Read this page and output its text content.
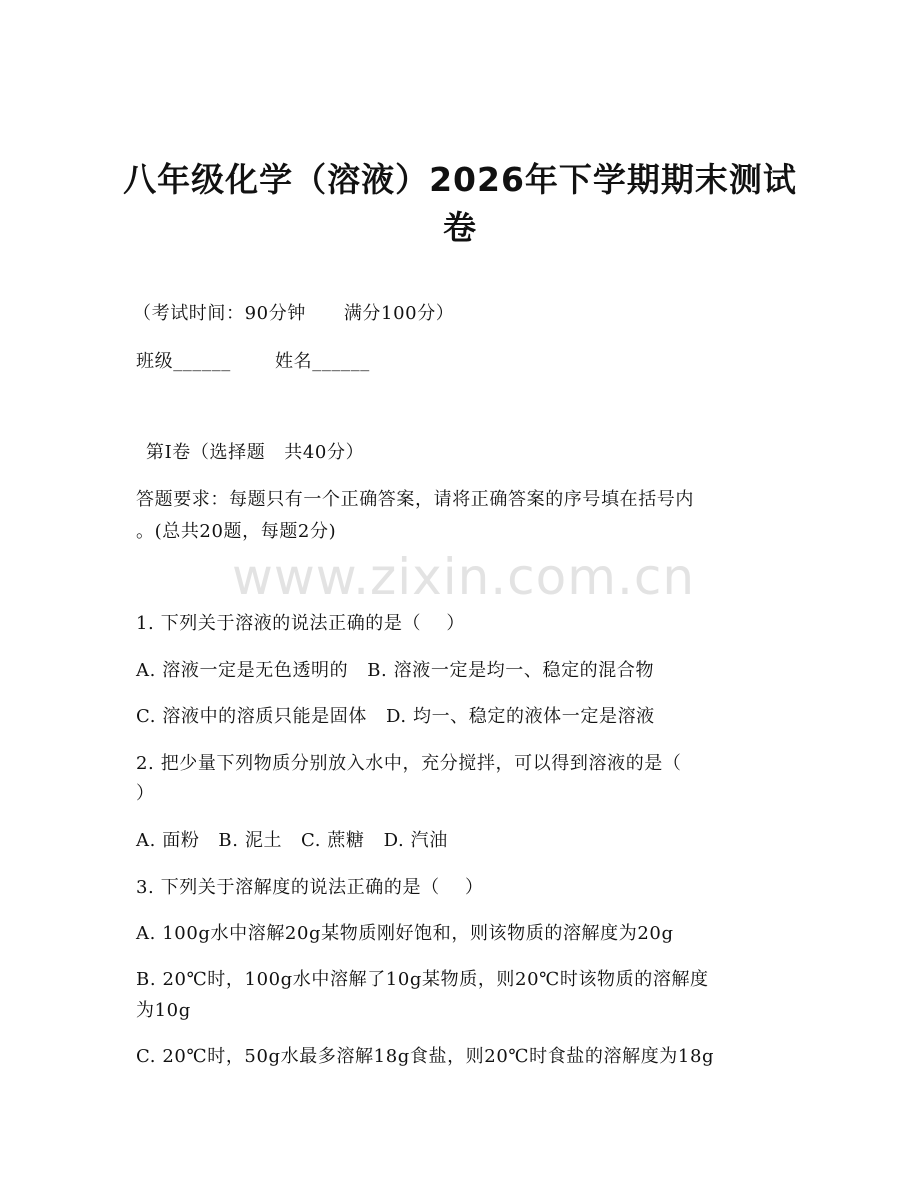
八年级化学（溶液）2026年下学期期末测试
卷
（考试时间：90分钟      满分100分）
班级______       姓名______
第Ⅰ卷（选择题   共40分）
答题要求：每题只有一个正确答案，请将正确答案的序号填在括号内
。(总共20题，每题2分)
www.zixin.com.cn
1. 下列关于溶液的说法正确的是（    ）
A. 溶液一定是无色透明的   B. 溶液一定是均一、稳定的混合物
C. 溶液中的溶质只能是固体   D. 均一、稳定的液体一定是溶液
2. 把少量下列物质分别放入水中，充分搅拌，可以得到溶液的是（
）
A. 面粉   B. 泥土   C. 蔗糖   D. 汽油
3. 下列关于溶解度的说法正确的是（    ）
A. 100g水中溶解20g某物质刚好饱和，则该物质的溶解度为20g
B. 20℃时，100g水中溶解了10g某物质，则20℃时该物质的溶解度
为10g
C. 20℃时，50g水最多溶解18g食盐，则20℃时食盐的溶解度为18g
